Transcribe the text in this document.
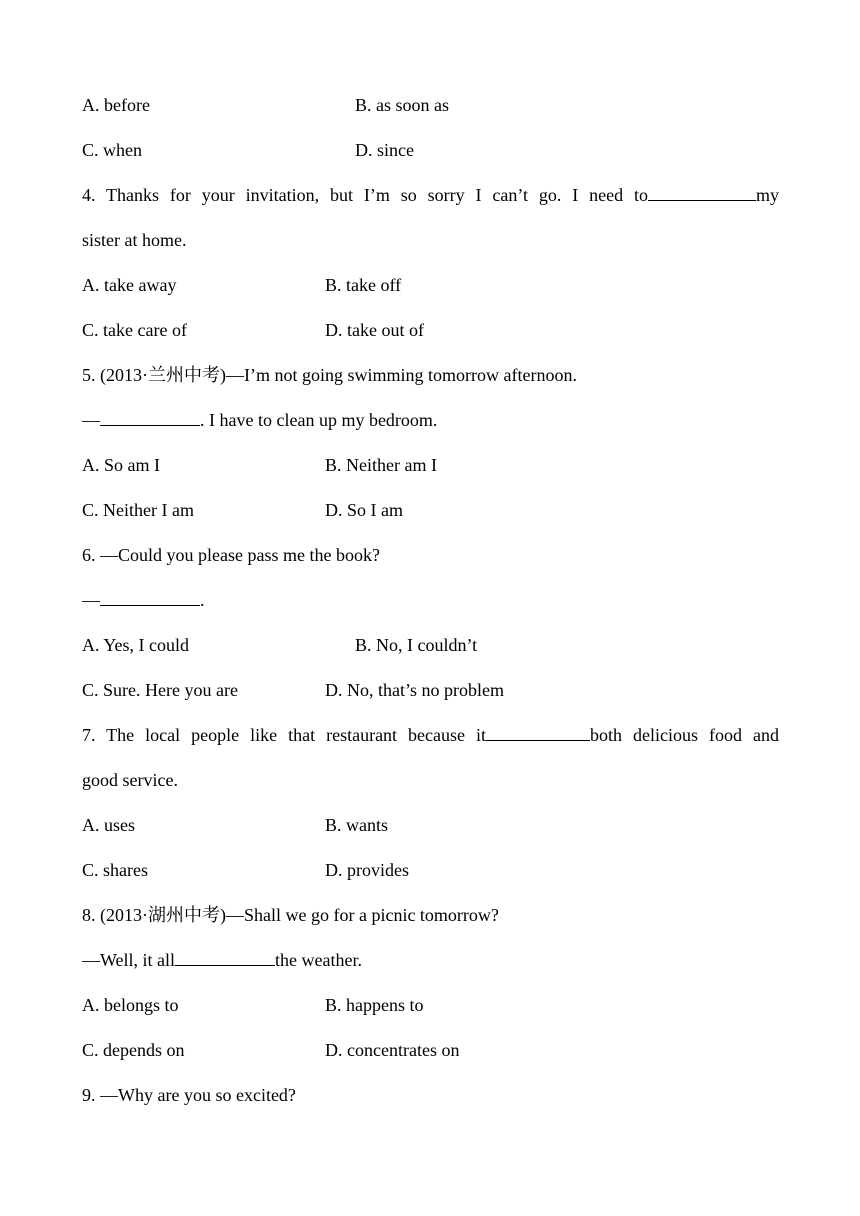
A. before	B. as soon as
C. when	D. since
4. Thanks for your invitation, but I’m so sorry I can’t go. I need to	my
sister at home.
A. take away	B. take off
C. take care of	D. take out of
5. (2013·兰州中考)—I’m not going swimming tomorrow afternoon.
—	. I have to clean up my bedroom.
A. So am I	B. Neither am I
C. Neither I am	D. So I am
6. —Could you please pass me the book?
—	.
A. Yes, I could	B. No, I couldn’t
C. Sure. Here you are	D. No, that’s no problem
7. The local people like that restaurant because it	both delicious food and
good service.
A. uses	B. wants
C. shares	D. provides
8. (2013·湖州中考)—Shall we go for a picnic tomorrow?
—Well, it all	the weather.
A. belongs to	B. happens to
C. depends on	D. concentrates on
9. —Why are you so excited?
